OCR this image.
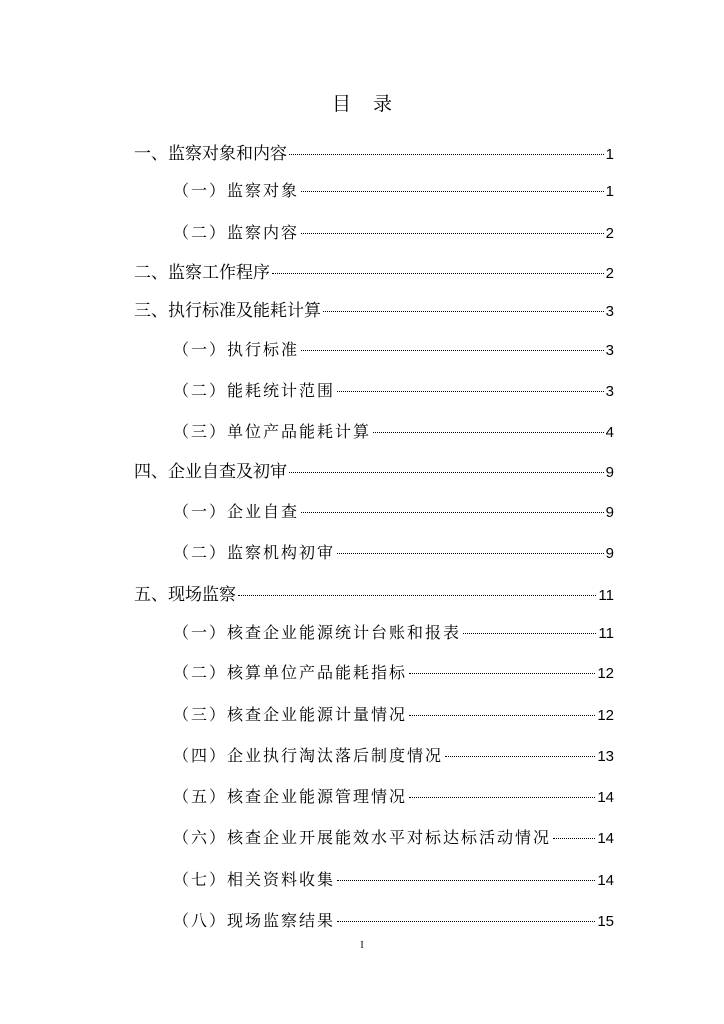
目 录
一、监察对象和内容	1
（一）监察对象	1
（二）监察内容	2
二、监察工作程序	2
三、执行标准及能耗计算	3
（一）执行标准	3
（二）能耗统计范围	3
（三）单位产品能耗计算	4
四、企业自查及初审	9
（一）企业自查	9
（二）监察机构初审	9
五、现场监察	11
（一）核查企业能源统计台账和报表	11
（二）核算单位产品能耗指标	12
（三）核查企业能源计量情况	12
（四）企业执行淘汰落后制度情况	13
（五）核查企业能源管理情况	14
（六）核查企业开展能效水平对标达标活动情况	14
（七）相关资料收集	14
（八）现场监察结果	15
I
